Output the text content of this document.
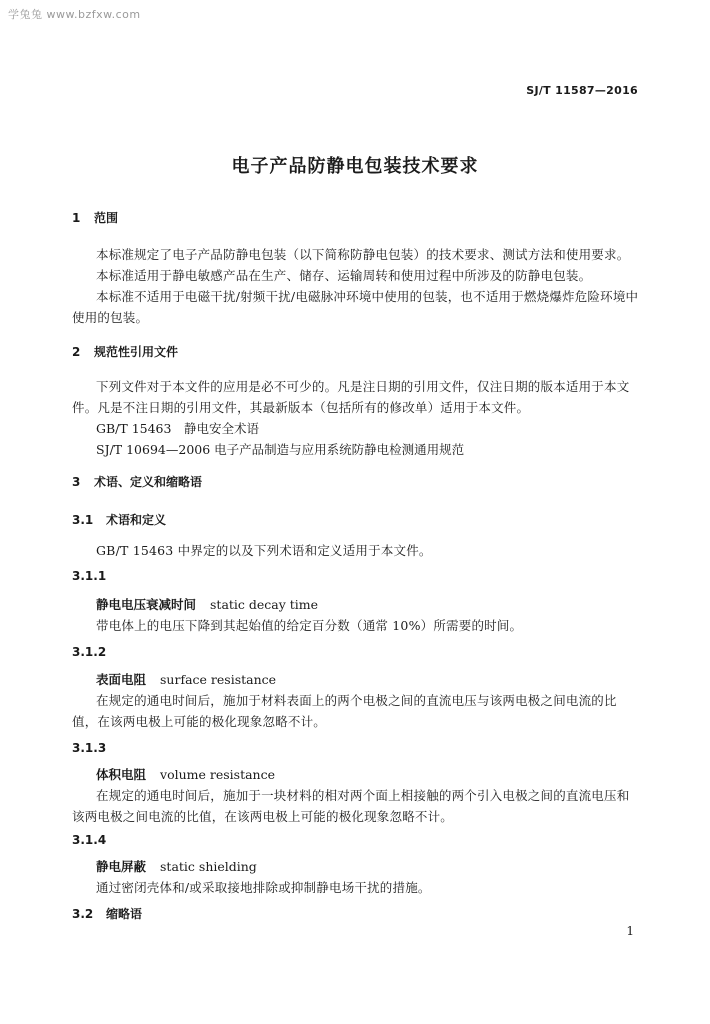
学兔兔 www.bzfxw.com
SJ/T 11587—2016
电子产品防静电包装技术要求
1 范围
本标准规定了电子产品防静电包装（以下简称防静电包装）的技术要求、测试方法和使用要求。
本标准适用于静电敏感产品在生产、储存、运输周转和使用过程中所涉及的防静电包装。
本标准不适用于电磁干扰/射频干扰/电磁脉冲环境中使用的包装，也不适用于燃烧爆炸危险环境中使用的包装。
2 规范性引用文件
下列文件对于本文件的应用是必不可少的。凡是注日期的引用文件，仅注日期的版本适用于本文件。凡是不注日期的引用文件，其最新版本（包括所有的修改单）适用于本文件。
GB/T 15463　静电安全术语
SJ/T 10694—2006 电子产品制造与应用系统防静电检测通用规范
3 术语、定义和缩略语
3.1 术语和定义
GB/T 15463 中界定的以及下列术语和定义适用于本文件。
3.1.1
静电电压衰减时间 static decay time
带电体上的电压下降到其起始值的给定百分数（通常 10%）所需要的时间。
3.1.2
表面电阻 surface resistance
在规定的通电时间后，施加于材料表面上的两个电极之间的直流电压与该两电极之间电流的比值，在该两电极上可能的极化现象忽略不计。
3.1.3
体积电阻 volume resistance
在规定的通电时间后，施加于一块材料的相对两个面上相接触的两个引入电极之间的直流电压和该两电极之间电流的比值，在该两电极上可能的极化现象忽略不计。
3.1.4
静电屏蔽 static shielding
通过密闭壳体和/或采取接地排除或抑制静电场干扰的措施。
3.2 缩略语
1
